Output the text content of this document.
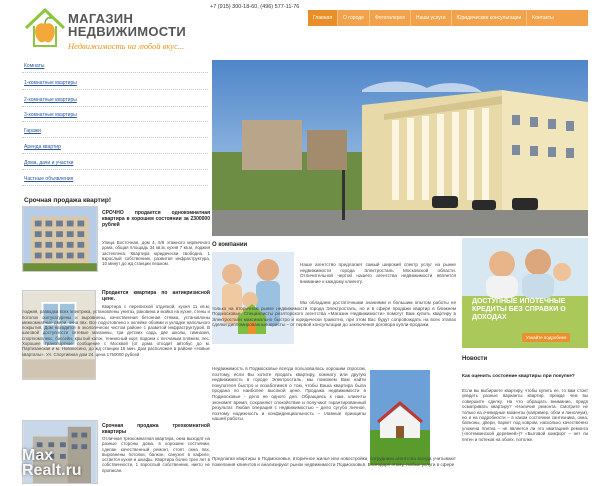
МАГАЗИН
НЕДВИЖИМОСТИ
Недвижимость на любой вкус...
+7 (915) 300-18-60, (496) 577-11-76
Главная	О городе	Фотогалерея	Наши услуги	Юридические консультации	Контакты
Комнаты
1-комнатные квартиры
2-комнатные квартиры
3-комнатные квартиры
Гаражи
Аренда квартир
Дома, дачи и участки
Частные объявления
Срочная продажа квартир!
СРОЧНО продается однокомнатная квартира в хорошем состоянии за 2300000 рублей
Улица Восточная, дом 4, 5/9 этажного кирпичного дома, общая площадь 34 кв.м, кухня 7 кв.м, лоджия застеклена. Квартира юридически свободна. 1 взрослый собственник, развитая инфраструктура, 10 минут до жд станции пешком.
Продается квартира по антикризисной цене.
Квартира с перепиской отделкой, кухня 11 кв.м, лоджия, разводка всех электрика, установлены унитаз, раковина и мойка на кухне, стены и потолок оштукатурены и выровнены, качественная бетонная стяжка, установлены межкомнатные двери, окна пвх. Все подготовлено к оклейке обоями и укладке напольного покрытия. Дом находится в экологически чистом районе с развитой инфраструктурой. В шаговой доступности сетевые магазины, три детских сада, две школы, гимназия, спорткомплекс, бассейн, крытый каток, теннисный корт, водоем с песчаным пляжем, лес. Хорошее транспортное сообщение с Москвой (от дома отходит автобус до м. Партизанская и м. Новокосино, до жд станции 15 мин. Дом расположен в районе «Новые кварталы». Ул. Спортивная дом 24. цена 1750000 рублей
Срочная продажа трехкомнатной квартиры
Отличная трехкомнатная квартира, окна выходят на разные стороны дома, в хорошем состоянии, сделан качественный ремонт, стоят окна пвх, выровнены потолки, балкон, санузел в кафеле, остается кухня и шкафы. Квартира более трех лет в собственности, 1 взрослый собственник, никто не прописан.
О компании
Наше агентство предлагает самый широкий спектр услуг на рынке недвижимости города Электросталь Московской области. Отличительной чертой нашего агентства недвижимости является внимание к каждому клиенту.
Мы обладаем достаточными знаниями и большим опытом работы не только на вторичном рынке недвижимости города Электросталь, но и в сфере продажи квартир в ближнем Подмосковье. Специалисты риэлторского агентства «Магазин Недвижимости» помогут Вам купить квартиру в Электростали максимально быстро и юридически грамотно, при этом Вас будут сопровождать на всех этапах сделки дипломированные юристы – от первой консультации до заключения договора купли-продажи.
Недвижимость в Подмосковье всегда пользовалась хорошим спросом, поэтому, если Вы хотите продать квартиру, комнату или другую недвижимость в городе Электросталь, мы поможем Вам найти покупателя быстро и позаботимся о том, чтобы Ваша квартира была продана по наиболее высокой цене. Продажа недвижимости в Подмосковье - дело не одного дня. Обращаясь к нам, клиенты экономят время, сохраняют спокойствие и получают гарантированный результат. Любая операция с недвижимостью – дело сугубо личное, поэтому надежность и конфиденциальность – главные принципы нашей работы.
Предлагая квартиры в Подмосковье, вторичное жилье или новостройки, сотрудники агентства всегда учитывают пожелания клиентов и анализируют рынок недвижимости Подмосковья. Благодаря этому, любые услуги в сфере
ДОСТУПНЫЕ ИПОТЕЧНЫЕ КРЕДИТЫ БЕЗ СПРАВКИ О ДОХОДАХ
Узнайте подробнее
Новости
Как оценить состояние квартиры при покупке?
Если вы выбираете квартиру, чтобы купить ее, то вам стоит уведеть разные варианты квартир, прежде чем вы совершите сделку. На что обращать внимание, придя осматривать квартиру? «Наличие ремонта. Смотрите не только на очевидные моменты (например, обои и линолеум), но и на подробности – в каком состоянии сантехника, окна, балконы, двери, паркет под ковром, насколько качественно уложена плитка – не является ли это имитацией ремонта («потемкинской деревней»)? «Бытовой комфорт – нет ли пятен и потеков на обоях, потолке.
Max
Realt.ru
